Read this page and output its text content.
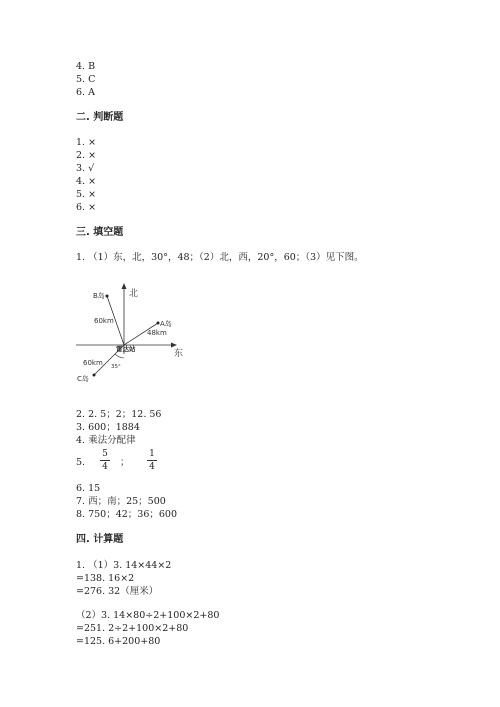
4. B
5. C
6. A
二. 判断题
1. ×
2. ×
3. √
4. ×
5. ×
6. ×
三. 填空题
1. （1）东，北，30°，48；（2）北，西，20°，60；（3）见下图。
北
东
B岛
A岛
C岛
60km
48km
60km
雷达站
35°
2. 2. 5；2；12. 56
3. 600；1884
4. 乘法分配律
5.
5
4 ；
1
4
6. 15
7. 西；南；25；500
8. 750；42；36；600
四. 计算题
1. （1）3. 14×44×2
=138. 16×2
=276. 32（厘米）
（2）3. 14×80÷2+100×2+80
=251. 2÷2+100×2+80
=125. 6+200+80
